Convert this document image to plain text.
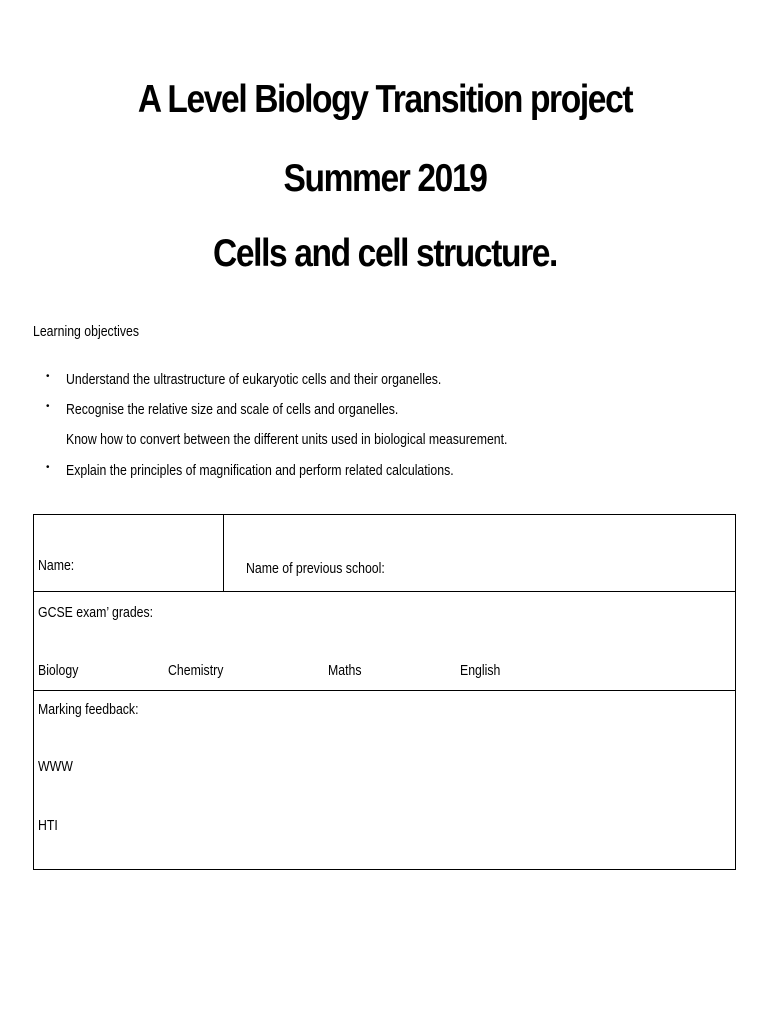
A Level Biology Transition project
Summer 2019
Cells and cell structure.
Learning objectives
•	Understand the ultrastructure of eukaryotic cells and their organelles.
•	Recognise the relative size and scale of cells and organelles.
Know how to convert between the different units used in biological measurement.
•	Explain the principles of magnification and perform related calculations.
Name:	Name of previous school:
GCSE exam’ grades:
Biology	Chemistry	Maths	English
Marking feedback:
WWW
HTI
